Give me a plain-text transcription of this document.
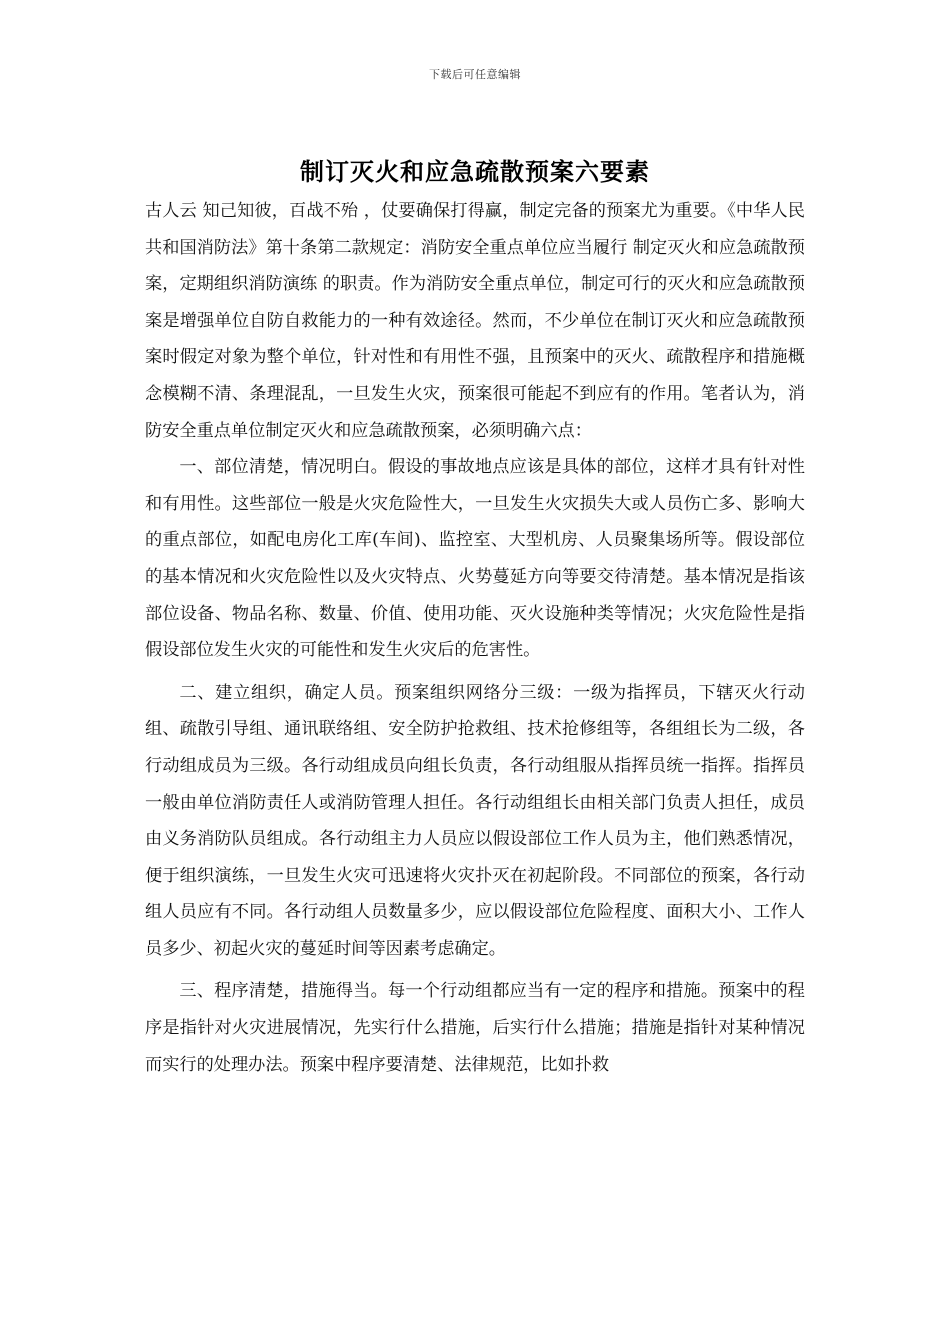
下载后可任意编辑
制订灭火和应急疏散预案六要素

古人云 知己知彼，百战不殆 ，仗要确保打得赢，制定完备的预案尤为重要。《中华人民共和国消防法》第十条第二款规定：消防安全重点单位应当履行 制定灭火和应急疏散预案，定期组织消防演练 的职责。作为消防安全重点单位，制定可行的灭火和应急疏散预案是增强单位自防自救能力的一种有效途径。然而，不少单位在制订灭火和应急疏散预案时假定对象为整个单位，针对性和有用性不强，且预案中的灭火、疏散程序和措施概念模糊不清、条理混乱，一旦发生火灾，预案很可能起不到应有的作用。笔者认为，消防安全重点单位制定灭火和应急疏散预案，必须明确六点：

一、部位清楚，情况明白。假设的事故地点应该是具体的部位，这样才具有针对性和有用性。这些部位一般是火灾危险性大，一旦发生火灾损失大或人员伤亡多、影响大的重点部位，如配电房化工库(车间)、监控室、大型机房、人员聚集场所等。假设部位的基本情况和火灾危险性以及火灾特点、火势蔓延方向等要交待清楚。基本情况是指该部位设备、物品名称、数量、价值、使用功能、灭火设施种类等情况；火灾危险性是指假设部位发生火灾的可能性和发生火灾后的危害性。

二、建立组织，确定人员。预案组织网络分三级：一级为指挥员，下辖灭火行动组、疏散引导组、通讯联络组、安全防护抢救组、技术抢修组等，各组组长为二级，各行动组成员为三级。各行动组成员向组长负责，各行动组服从指挥员统一指挥。指挥员一般由单位消防责任人或消防管理人担任。各行动组组长由相关部门负责人担任，成员由义务消防队员组成。各行动组主力人员应以假设部位工作人员为主，他们熟悉情况，便于组织演练，一旦发生火灾可迅速将火灾扑灭在初起阶段。不同部位的预案，各行动组人员应有不同。各行动组人员数量多少，应以假设部位危险程度、面积大小、工作人员多少、初起火灾的蔓延时间等因素考虑确定。

三、程序清楚，措施得当。每一个行动组都应当有一定的程序和措施。预案中的程序是指针对火灾进展情况，先实行什么措施，后实行什么措施；措施是指针对某种情况而实行的处理办法。预案中程序要清楚、法律规范，比如扑救
